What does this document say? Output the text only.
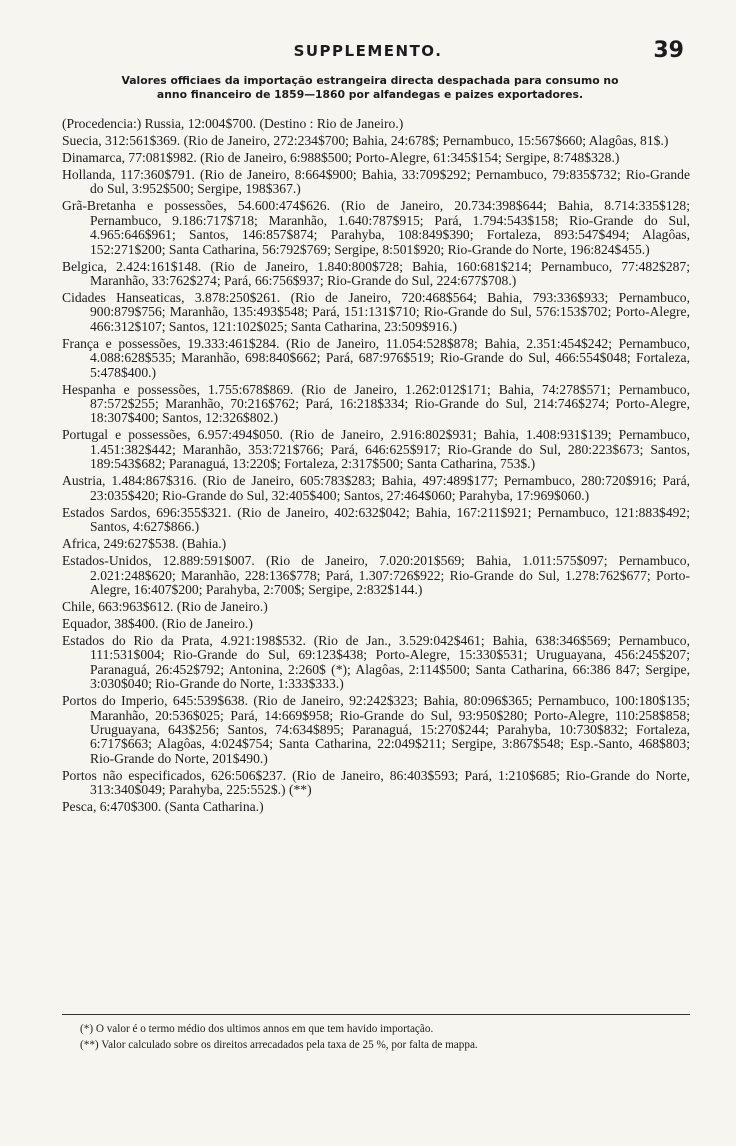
SUPPLEMENTO.	39
Valores officiaes da importação estrangeira directa despachada para consumo no
anno financeiro de 1859—1860 por alfandegas e paizes exportadores.

(Procedencia:) Russia, 12:004$700. (Destino : Rio de Janeiro.)

Suecia, 312:561$369. (Rio de Janeiro, 272:234$700; Bahia, 24:678$; Pernambuco, 15:567$660; Alagôas, 81$.)

Dinamarca, 77:081$982. (Rio de Janeiro, 6:988$500; Porto-Alegre, 61:345$154; Sergipe, 8:748$328.)

Hollanda, 117:360$791. (Rio de Janeiro, 8:664$900; Bahia, 33:709$292; Pernambuco, 79:835$732; Rio-Grande do Sul, 3:952$500; Sergipe, 198$367.)

Grã-Bretanha e possessões, 54.600:474$626. (Rio de Janeiro, 20.734:398$644; Bahia, 8.714:335$128; Pernambuco, 9.186:717$718; Maranhão, 1.640:787$915; Pará, 1.794:543$158; Rio-Grande do Sul, 4.965:646$961; Santos, 146:857$874; Parahyba, 108:849$390; Fortaleza, 893:547$494; Alagôas, 152:271$200; Santa Catharina, 56:792$769; Sergipe, 8:501$920; Rio-Grande do Norte, 196:824$455.)

Belgica, 2.424:161$148. (Rio de Janeiro, 1.840:800$728; Bahia, 160:681$214; Pernambuco, 77:482$287; Maranhão, 33:762$274; Pará, 66:756$937; Rio-Grande do Sul, 224:677$708.)

Cidades Hanseaticas, 3.878:250$261. (Rio de Janeiro, 720:468$564; Bahia, 793:336$933; Pernambuco, 900:879$756; Maranhão, 135:493$548; Pará, 151:131$710; Rio-Grande do Sul, 576:153$702; Porto-Alegre, 466:312$107; Santos, 121:102$025; Santa Catharina, 23:509$916.)

França e possessões, 19.333:461$284. (Rio de Janeiro, 11.054:528$878; Bahia, 2.351:454$242; Pernambuco, 4.088:628$535; Maranhão, 698:840$662; Pará, 687:976$519; Rio-Grande do Sul, 466:554$048; Fortaleza, 5:478$400.)

Hespanha e possessões, 1.755:678$869. (Rio de Janeiro, 1.262:012$171; Bahia, 74:278$571; Pernambuco, 87:572$255; Maranhão, 70:216$762; Pará, 16:218$334; Rio-Grande do Sul, 214:746$274; Porto-Alegre, 18:307$400; Santos, 12:326$802.)

Portugal e possessões, 6.957:494$050. (Rio de Janeiro, 2.916:802$931; Bahia, 1.408:931$139; Pernambuco, 1.451:382$442; Maranhão, 353:721$766; Pará, 646:625$917; Rio-Grande do Sul, 280:223$673; Santos, 189:543$682; Paranaguá, 13:220$; Fortaleza, 2:317$500; Santa Catharina, 753$.)

Austria, 1.484:867$316. (Rio de Janeiro, 605:783$283; Bahia, 497:489$177; Pernambuco, 280:720$916; Pará, 23:035$420; Rio-Grande do Sul, 32:405$400; Santos, 27:464$060; Parahyba, 17:969$060.)

Estados Sardos, 696:355$321. (Rio de Janeiro, 402:632$042; Bahia, 167:211$921; Pernambuco, 121:883$492; Santos, 4:627$866.)

Africa, 249:627$538. (Bahia.)

Estados-Unidos, 12.889:591$007. (Rio de Janeiro, 7.020:201$569; Bahia, 1.011:575$097; Pernambuco, 2.021:248$620; Maranhão, 228:136$778; Pará, 1.307:726$922; Rio-Grande do Sul, 1.278:762$677; Porto-Alegre, 16:407$200; Parahyba, 2:700$; Sergipe, 2:832$144.)

Chile, 663:963$612. (Rio de Janeiro.)

Equador, 38$400. (Rio de Janeiro.)

Estados do Rio da Prata, 4.921:198$532. (Rio de Jan., 3.529:042$461; Bahia, 638:346$569; Pernambuco, 111:531$004; Rio-Grande do Sul, 69:123$438; Porto-Alegre, 15:330$531; Uruguayana, 456:245$207; Paranaguá, 26:452$792; Antonina, 2:260$ (*); Alagôas, 2:114$500; Santa Catharina, 66:386 847; Sergipe, 3:030$040; Rio-Grande do Norte, 1:333$333.)

Portos do Imperio, 645:539$638. (Rio de Janeiro, 92:242$323; Bahia, 80:096$365; Pernambuco, 100:180$135; Maranhão, 20:536$025; Pará, 14:669$958; Rio-Grande do Sul, 93:950$280; Porto-Alegre, 110:258$858; Uruguayana, 643$256; Santos, 74:634$895; Paranaguá, 15:270$244; Parahyba, 10:730$832; Fortaleza, 6:717$663; Alagôas, 4:024$754; Santa Catharina, 22:049$211; Sergipe, 3:867$548; Esp.-Santo, 468$803; Rio-Grande do Norte, 201$490.)

Portos não especificados, 626:506$237. (Rio de Janeiro, 86:403$593; Pará, 1:210$685; Rio-Grande do Norte, 313:340$049; Parahyba, 225:552$.) (**)

Pesca, 6:470$300. (Santa Catharina.)

(*) O valor é o termo médio dos ultimos annos em que tem havido importação.

(**) Valor calculado sobre os direitos arrecadados pela taxa de 25 %, por falta de mappa.
